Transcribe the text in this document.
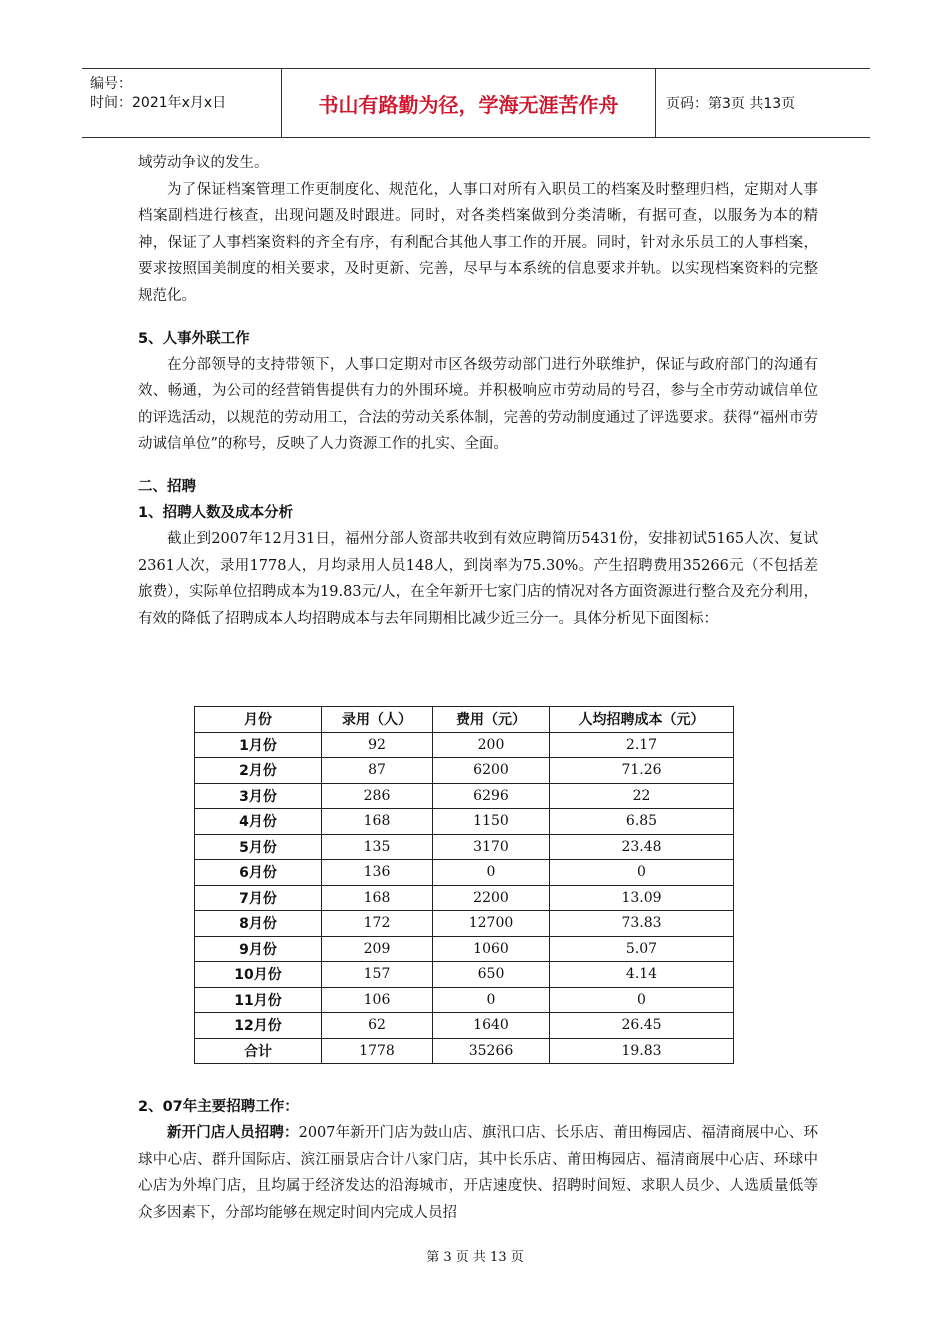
编号：
时间：2021年x月x日	书山有路勤为径，学海无涯苦作舟	页码：第3页 共13页

域劳动争议的发生。

为了保证档案管理工作更制度化、规范化，人事口对所有入职员工的档案及时整理归档，定期对人事档案副档进行核查，出现问题及时跟进。同时，对各类档案做到分类清晰，有据可查，以服务为本的精神，保证了人事档案资料的齐全有序，有利配合其他人事工作的开展。同时，针对永乐员工的人事档案，要求按照国美制度的相关要求，及时更新、完善，尽早与本系统的信息要求并轨。以实现档案资料的完整规范化。

5、人事外联工作

在分部领导的支持带领下，人事口定期对市区各级劳动部门进行外联维护，保证与政府部门的沟通有效、畅通，为公司的经营销售提供有力的外围环境。并积极响应市劳动局的号召，参与全市劳动诚信单位的评选活动，以规范的劳动用工，合法的劳动关系体制，完善的劳动制度通过了评选要求。获得“福州市劳动诚信单位”的称号，反映了人力资源工作的扎实、全面。

二、招聘

1、招聘人数及成本分析

截止到2007年12月31日，福州分部人资部共收到有效应聘简历5431份，安排初试5165人次、复试2361人次，录用1778人，月均录用人员148人，到岗率为75.30%。产生招聘费用35266元（不包括差旅费），实际单位招聘成本为19.83元/人，在全年新开七家门店的情况对各方面资源进行整合及充分利用，有效的降低了招聘成本人均招聘成本与去年同期相比减少近三分一。具体分析见下面图标：

月份	录用（人）	费用（元）	人均招聘成本（元）
1月份	92	200	2.17
2月份	87	6200	71.26
3月份	286	6296	22
4月份	168	1150	6.85
5月份	135	3170	23.48
6月份	136	0	0
7月份	168	2200	13.09
8月份	172	12700	73.83
9月份	209	1060	5.07
10月份	157	650	4.14
11月份	106	0	0
12月份	62	1640	26.45
合计	1778	35266	19.83

2、07年主要招聘工作：

新开门店人员招聘：2007年新开门店为鼓山店、旗汛口店、长乐店、莆田梅园店、福清商展中心、环球中心店、群升国际店、滨江丽景店合计八家门店，其中长乐店、莆田梅园店、福清商展中心店、环球中心店为外埠门店，且均属于经济发达的沿海城市，开店速度快、招聘时间短、求职人员少、人选质量低等众多因素下，分部均能够在规定时间内完成人员招

第 3 页 共 13 页
